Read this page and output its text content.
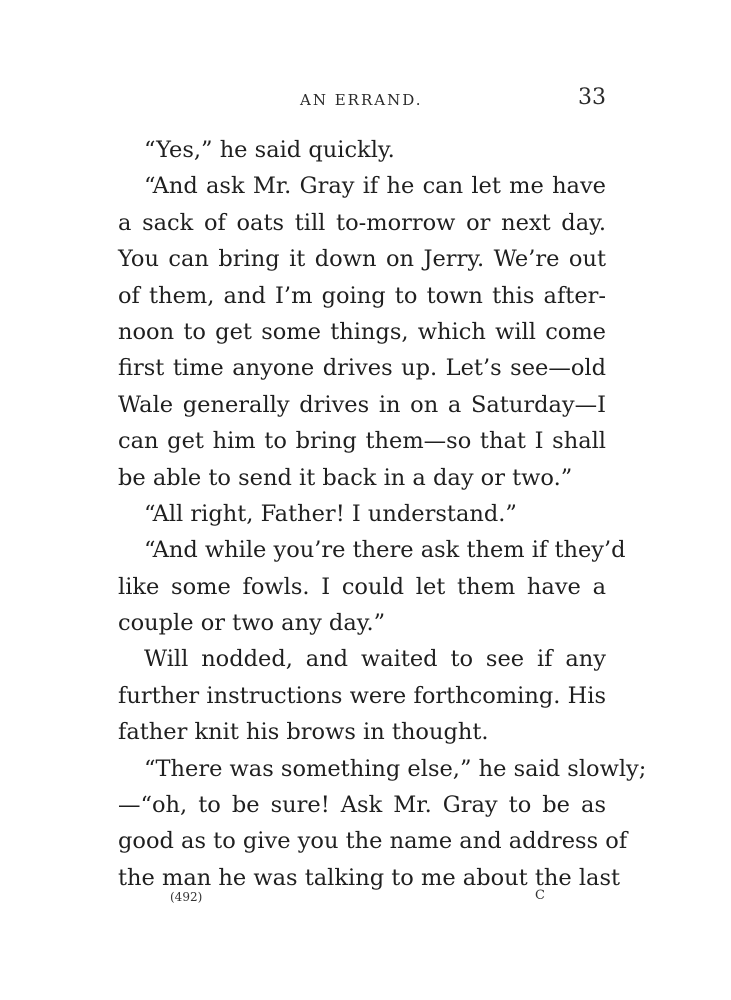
AN ERRAND.	33
“Yes,” he said quickly.
“And ask Mr. Gray if he can let me have
a sack of oats till to-morrow or next day.
You can bring it down on Jerry. We’re out
of them, and I’m going to town this after-
noon to get some things, which will come
first time anyone drives up. Let’s see—old
Wale generally drives in on a Saturday—I
can get him to bring them—so that I shall
be able to send it back in a day or two.”
“All right, Father! I understand.”
“And while you’re there ask them if they’d
like some fowls. I could let them have a
couple or two any day.”
Will nodded, and waited to see if any
further instructions were forthcoming. His
father knit his brows in thought.
“There was something else,” he said slowly;
—“oh, to be sure! Ask Mr. Gray to be as
good as to give you the name and address of
the man he was talking to me about the last
(492)	C
